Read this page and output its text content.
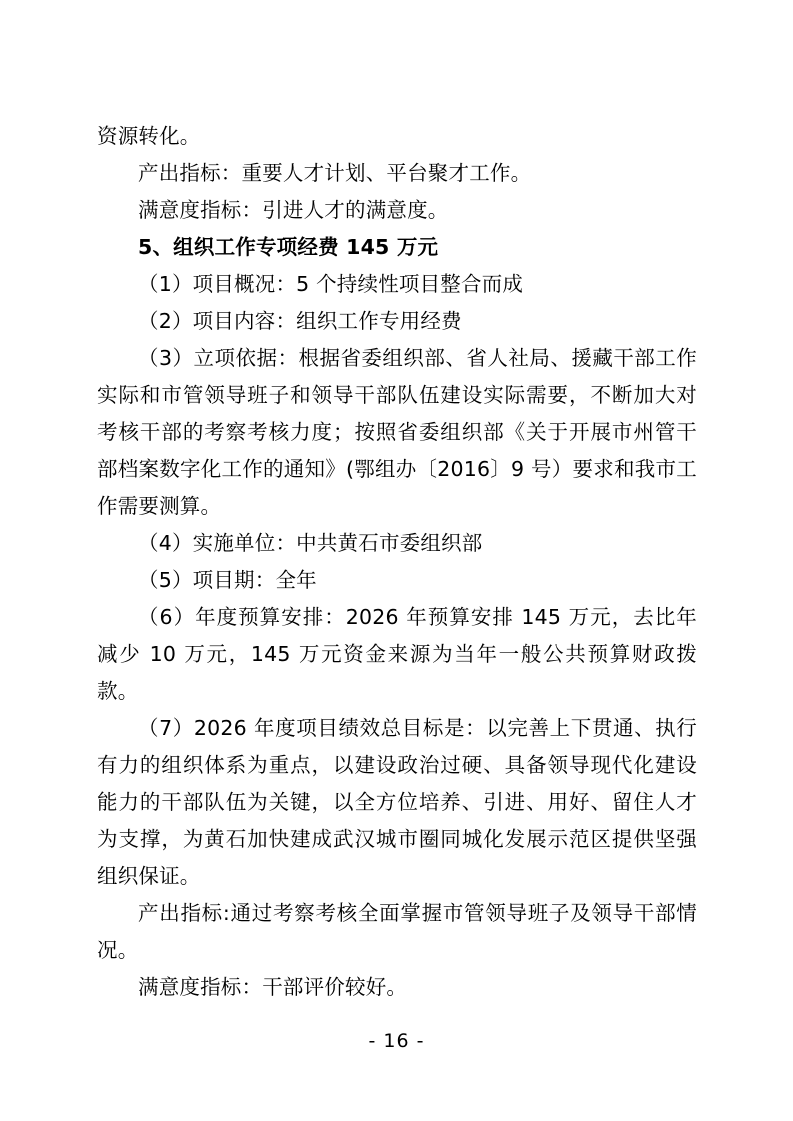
资源转化。

产出指标：重要人才计划、平台聚才工作。

满意度指标：引进人才的满意度。

5、组织工作专项经费 145 万元

（1）项目概况：5 个持续性项目整合而成

（2）项目内容：组织工作专用经费

（3）立项依据：根据省委组织部、省人社局、援藏干部工作实际和市管领导班子和领导干部队伍建设实际需要，不断加大对考核干部的考察考核力度；按照省委组织部《关于开展市州管干部档案数字化工作的通知》(鄂组办〔2016〕9 号）要求和我市工作需要测算。

（4）实施单位：中共黄石市委组织部

（5）项目期：全年

（6）年度预算安排：2026 年预算安排 145 万元，去比年减少 10 万元，145 万元资金来源为当年一般公共预算财政拨款。

（7）2026 年度项目绩效总目标是：以完善上下贯通、执行有力的组织体系为重点，以建设政治过硬、具备领导现代化建设能力的干部队伍为关键，以全方位培养、引进、用好、留住人才为支撑，为黄石加快建成武汉城市圈同城化发展示范区提供坚强组织保证。

产出指标:通过考察考核全面掌握市管领导班子及领导干部情况。

满意度指标：干部评价较好。

- 16 -
